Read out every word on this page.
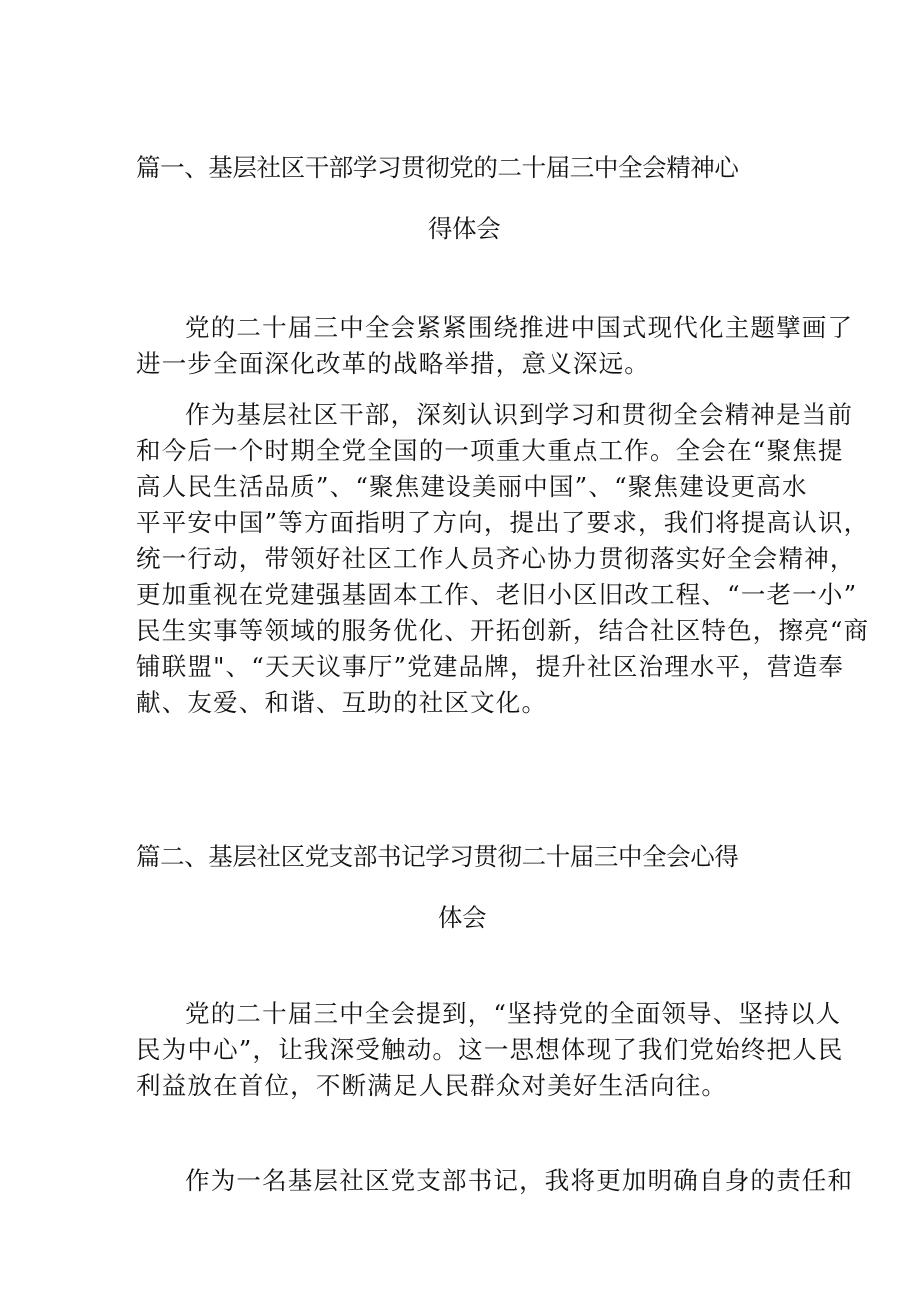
篇一、基层社区干部学习贯彻党的二十届三中全会精神心
得体会
党的二十届三中全会紧紧围绕推进中国式现代化主题擘画了
进一步全面深化改革的战略举措，意义深远。
作为基层社区干部，深刻认识到学习和贯彻全会精神是当前
和今后一个时期全党全国的一项重大重点工作。全会在“聚焦提
高人民生活品质”、“聚焦建设美丽中国”、“聚焦建设更高水
平平安中国”等方面指明了方向，提出了要求，我们将提高认识，
统一行动，带领好社区工作人员齐心协力贯彻落实好全会精神，
更加重视在党建强基固本工作、老旧小区旧改工程、“一老一小”
民生实事等领域的服务优化、开拓创新，结合社区特色，擦亮“商
铺联盟"、“天天议事厅”党建品牌，提升社区治理水平，营造奉
献、友爱、和谐、互助的社区文化。
篇二、基层社区党支部书记学习贯彻二十届三中全会心得
体会
党的二十届三中全会提到，“坚持党的全面领导、坚持以人
民为中心”，让我深受触动。这一思想体现了我们党始终把人民
利益放在首位，不断满足人民群众对美好生活向往。
作为一名基层社区党支部书记，我将更加明确自身的责任和
